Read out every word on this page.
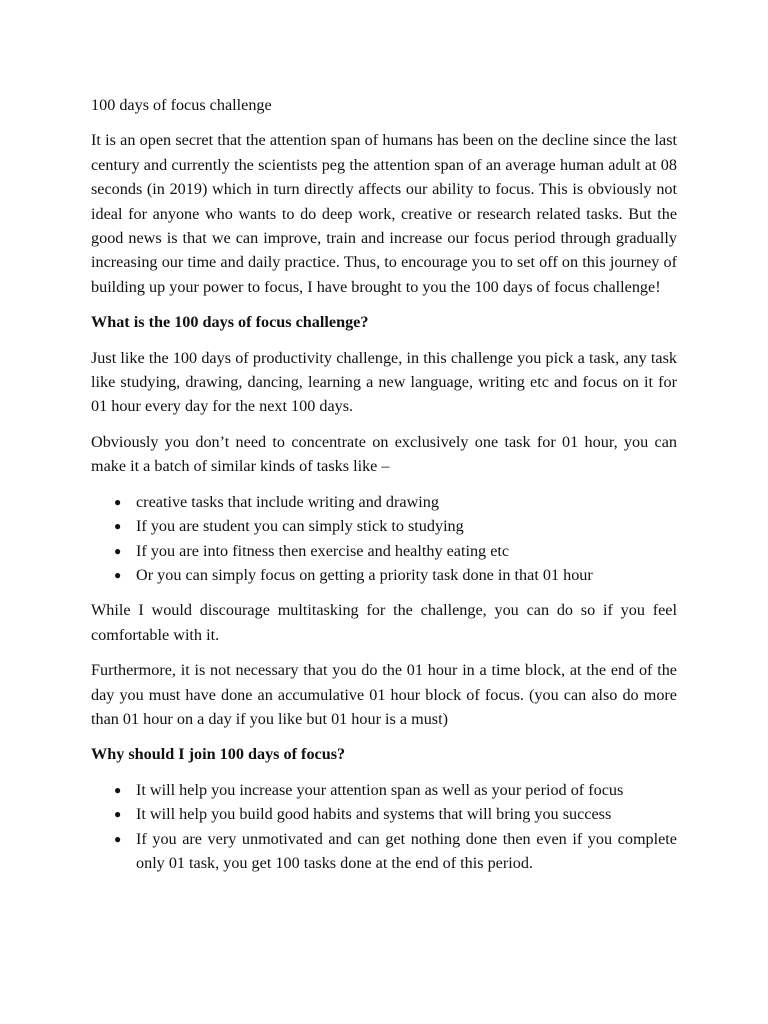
100 days of focus challenge

It is an open secret that the attention span of humans has been on the decline since the last century and currently the scientists peg the attention span of an average human adult at 08 seconds (in 2019) which in turn directly affects our ability to focus. This is obviously not ideal for anyone who wants to do deep work, creative or research related tasks. But the good news is that we can improve, train and increase our focus period through gradually increasing our time and daily practice. Thus, to encourage you to set off on this journey of building up your power to focus, I have brought to you the 100 days of focus challenge!

What is the 100 days of focus challenge?

Just like the 100 days of productivity challenge, in this challenge you pick a task, any task like studying, drawing, dancing, learning a new language, writing etc and focus on it for 01 hour every day for the next 100 days.

Obviously you don’t need to concentrate on exclusively one task for 01 hour, you can make it a batch of similar kinds of tasks like –

● creative tasks that include writing and drawing
● If you are student you can simply stick to studying
● If you are into fitness then exercise and healthy eating etc
● Or you can simply focus on getting a priority task done in that 01 hour

While I would discourage multitasking for the challenge, you can do so if you feel comfortable with it.

Furthermore, it is not necessary that you do the 01 hour in a time block, at the end of the day you must have done an accumulative 01 hour block of focus. (you can also do more than 01 hour on a day if you like but 01 hour is a must)

Why should I join 100 days of focus?
● It will help you increase your attention span as well as your period of focus
● It will help you build good habits and systems that will bring you success
● If you are very unmotivated and can get nothing done then even if you complete only 01 task, you get 100 tasks done at the end of this period.
